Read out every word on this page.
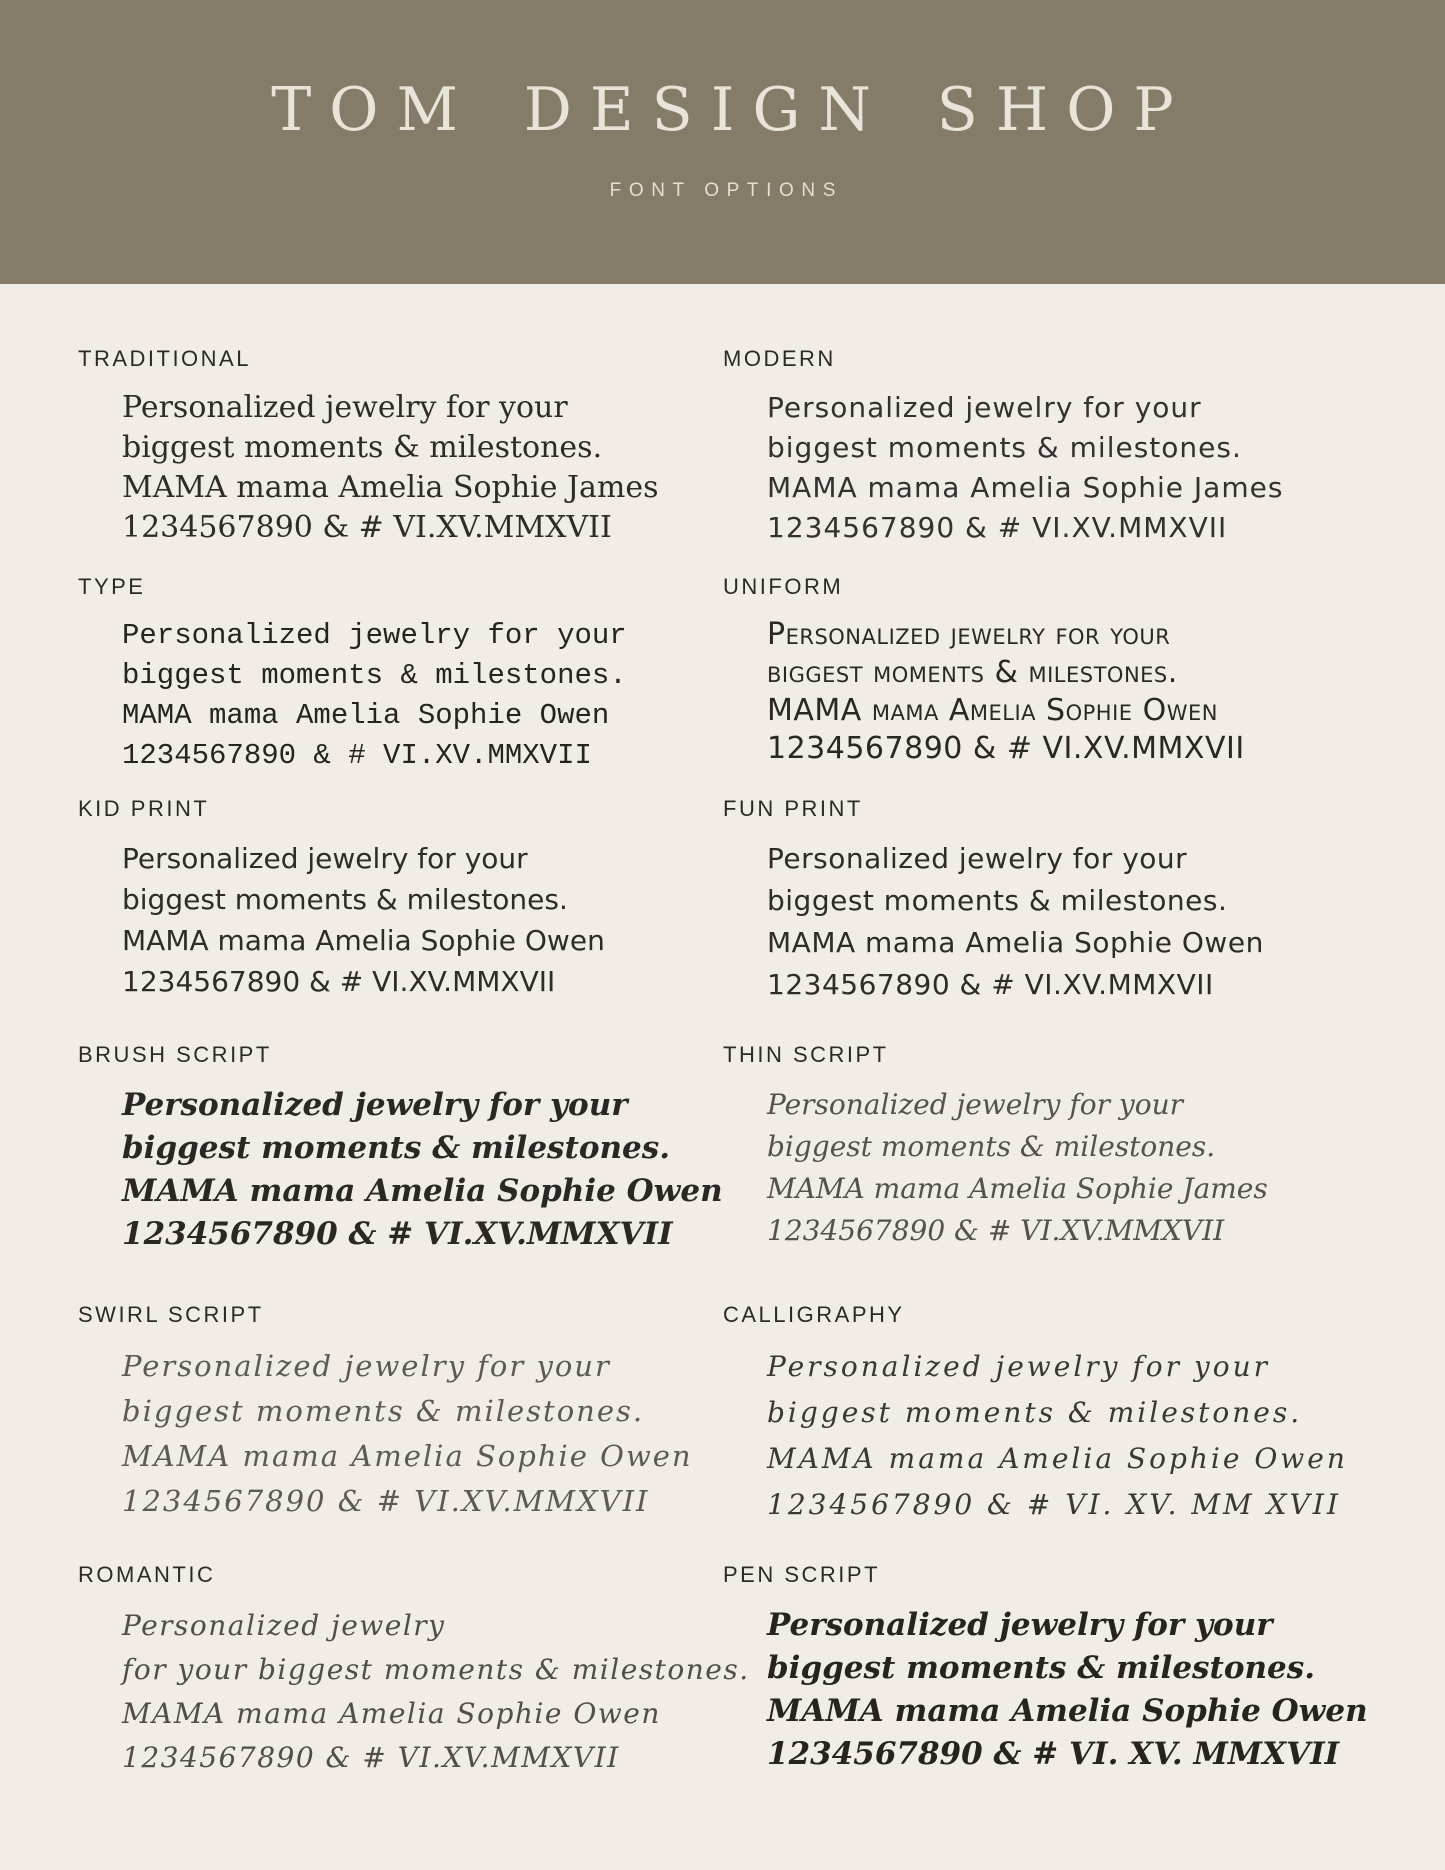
TOM DESIGN SHOP
FONT OPTIONS
TRADITIONAL
Personalized jewelry for your
biggest moments & milestones.
MAMA mama Amelia Sophie James
1234567890 & # VI.XV.MMXVII
MODERN
Personalized jewelry for your
biggest moments & milestones.
MAMA mama Amelia Sophie James
1234567890 & # VI.XV.MMXVII
TYPE
Personalized jewelry for your
biggest moments & milestones.
MAMA mama Amelia Sophie Owen
1234567890 & # VI.XV.MMXVII
UNIFORM
Personalized jewelry for your
biggest moments & milestones.
MAMA mama Amelia Sophie Owen
1234567890 & # VI.XV.MMXVII
KID PRINT
Personalized jewelry for your
biggest moments & milestones.
MAMA mama Amelia Sophie Owen
1234567890 & # VI.XV.MMXVII
FUN PRINT
Personalized jewelry for your
biggest moments & milestones.
MAMA mama Amelia Sophie Owen
1234567890 & # VI.XV.MMXVII
BRUSH SCRIPT
Personalized jewelry for your
biggest moments & milestones.
MAMA mama Amelia Sophie Owen
1234567890 & # VI.XV.MMXVII
THIN SCRIPT
Personalized jewelry for your
biggest moments & milestones.
MAMA mama Amelia Sophie James
1234567890 & # VI.XV.MMXVII
SWIRL SCRIPT
Personalized jewelry for your
biggest moments & milestones.
MAMA mama Amelia Sophie Owen
1234567890 & # VI.XV.MMXVII
CALLIGRAPHY
Personalized jewelry for your
biggest moments & milestones.
MAMA mama Amelia Sophie Owen
1234567890 & # VI. XV. MM XVII
ROMANTIC
Personalized jewelry
for your biggest moments & milestones.
MAMA mama Amelia Sophie Owen
1234567890 & # VI.XV.MMXVII
PEN SCRIPT
Personalized jewelry for your
biggest moments & milestones.
MAMA mama Amelia Sophie Owen
1234567890 & # VI. XV. MMXVII
